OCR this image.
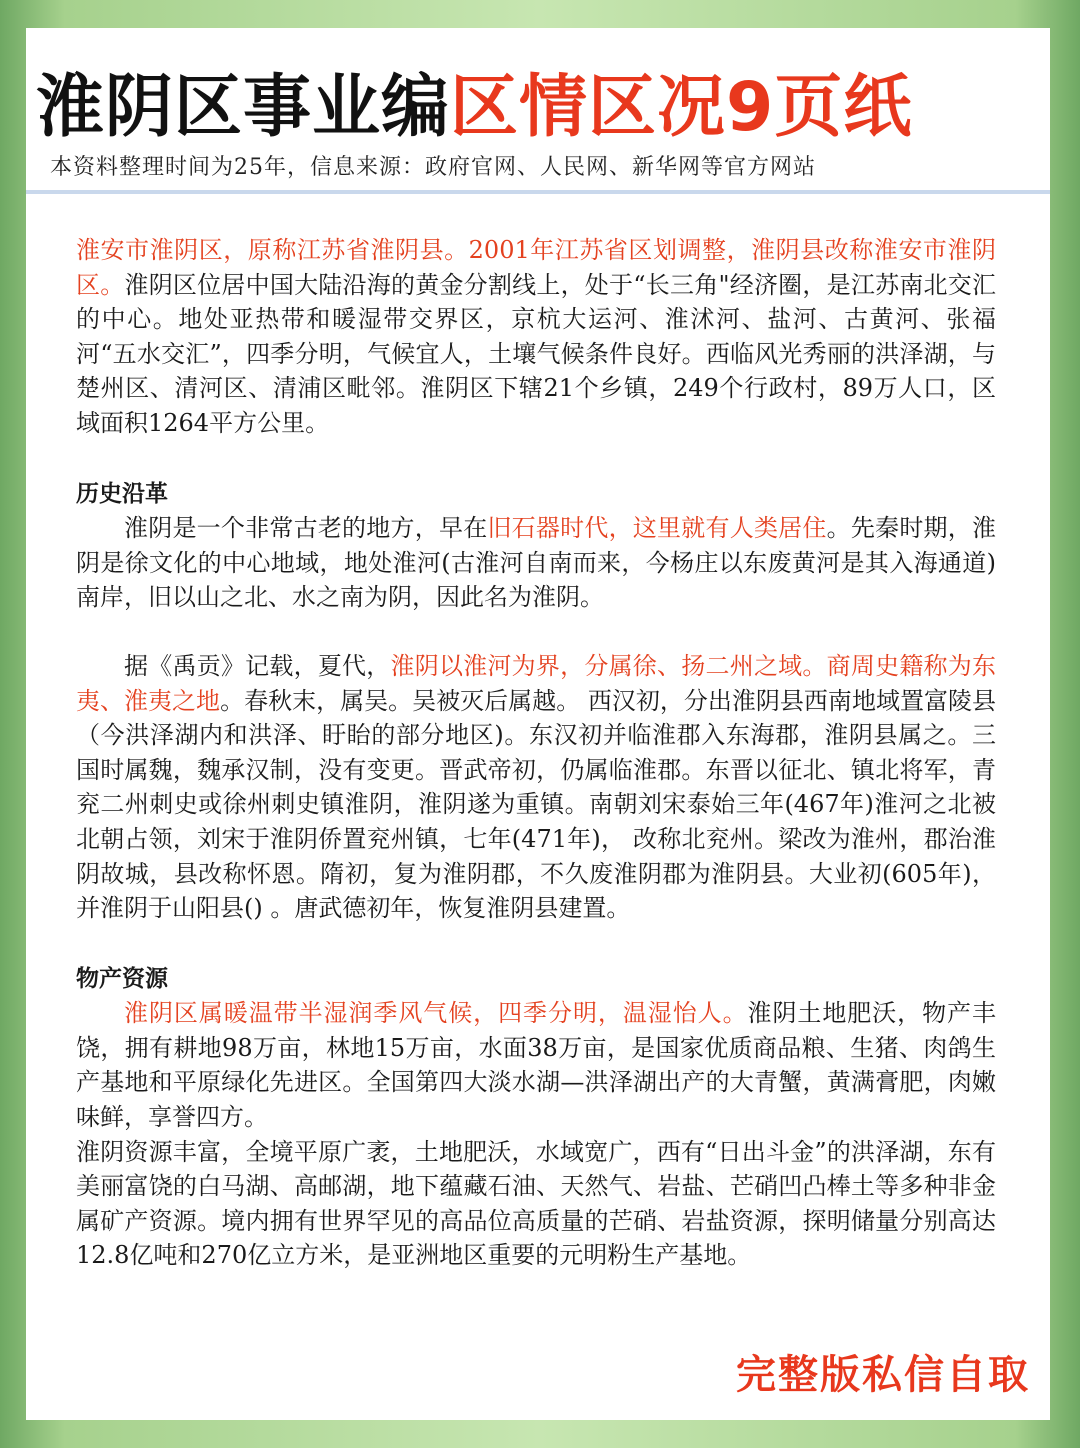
淮阴区事业编区情区况9页纸
本资料整理时间为25年，信息来源：政府官网、人民网、新华网等官方网站

淮安市淮阴区，原称江苏省淮阴县。2001年江苏省区划调整，淮阴县改称淮安市淮阴区。淮阴区位居中国大陆沿海的黄金分割线上，处于“长三角"经济圈，是江苏南北交汇的中心。地处亚热带和暖湿带交界区，京杭大运河、淮沭河、盐河、古黄河、张福河“五水交汇”，四季分明，气候宜人，土壤气候条件良好。西临风光秀丽的洪泽湖，与楚州区、清河区、清浦区毗邻。淮阴区下辖21个乡镇，249个行政村，89万人口，区域面积1264平方公里。

历史沿革

淮阴是一个非常古老的地方，早在旧石器时代，这里就有人类居住。先秦时期，淮阴是徐文化的中心地域，地处淮河(古淮河自南而来，今杨庄以东废黄河是其入海通道)南岸，旧以山之北、水之南为阴，因此名为淮阴。

据《禹贡》记载，夏代，淮阴以淮河为界，分属徐、扬二州之域。商周史籍称为东夷、淮夷之地。春秋末，属吴。吴被灭后属越。 西汉初，分出淮阴县西南地域置富陵县（今洪泽湖内和洪泽、盱眙的部分地区)。东汉初并临淮郡入东海郡，淮阴县属之。三国时属魏，魏承汉制，没有变更。晋武帝初，仍属临淮郡。东晋以征北、镇北将军，青兖二州刺史或徐州刺史镇淮阴，淮阴遂为重镇。南朝刘宋泰始三年(467年)淮河之北被北朝占领，刘宋于淮阴侨置兖州镇，七年(471年)， 改称北兖州。梁改为淮州，郡治淮阴故城，县改称怀恩。隋初，复为淮阴郡，不久废淮阴郡为淮阴县。大业初(605年)，并淮阴于山阳县() 。唐武德初年，恢复淮阴县建置。

物产资源

淮阴区属暖温带半湿润季风气候，四季分明，温湿怡人。淮阴土地肥沃，物产丰饶，拥有耕地98万亩，林地15万亩，水面38万亩，是国家优质商品粮、生猪、肉鸽生产基地和平原绿化先进区。全国第四大淡水湖—洪泽湖出产的大青蟹，黄满膏肥，肉嫩味鲜，享誉四方。

淮阴资源丰富，全境平原广袤，土地肥沃，水域宽广，西有“日出斗金”的洪泽湖，东有美丽富饶的白马湖、高邮湖，地下蕴藏石油、天然气、岩盐、芒硝凹凸棒土等多种非金属矿产资源。境内拥有世界罕见的高品位高质量的芒硝、岩盐资源，探明储量分别高达12.8亿吨和270亿立方米，是亚洲地区重要的元明粉生产基地。

完整版私信自取
